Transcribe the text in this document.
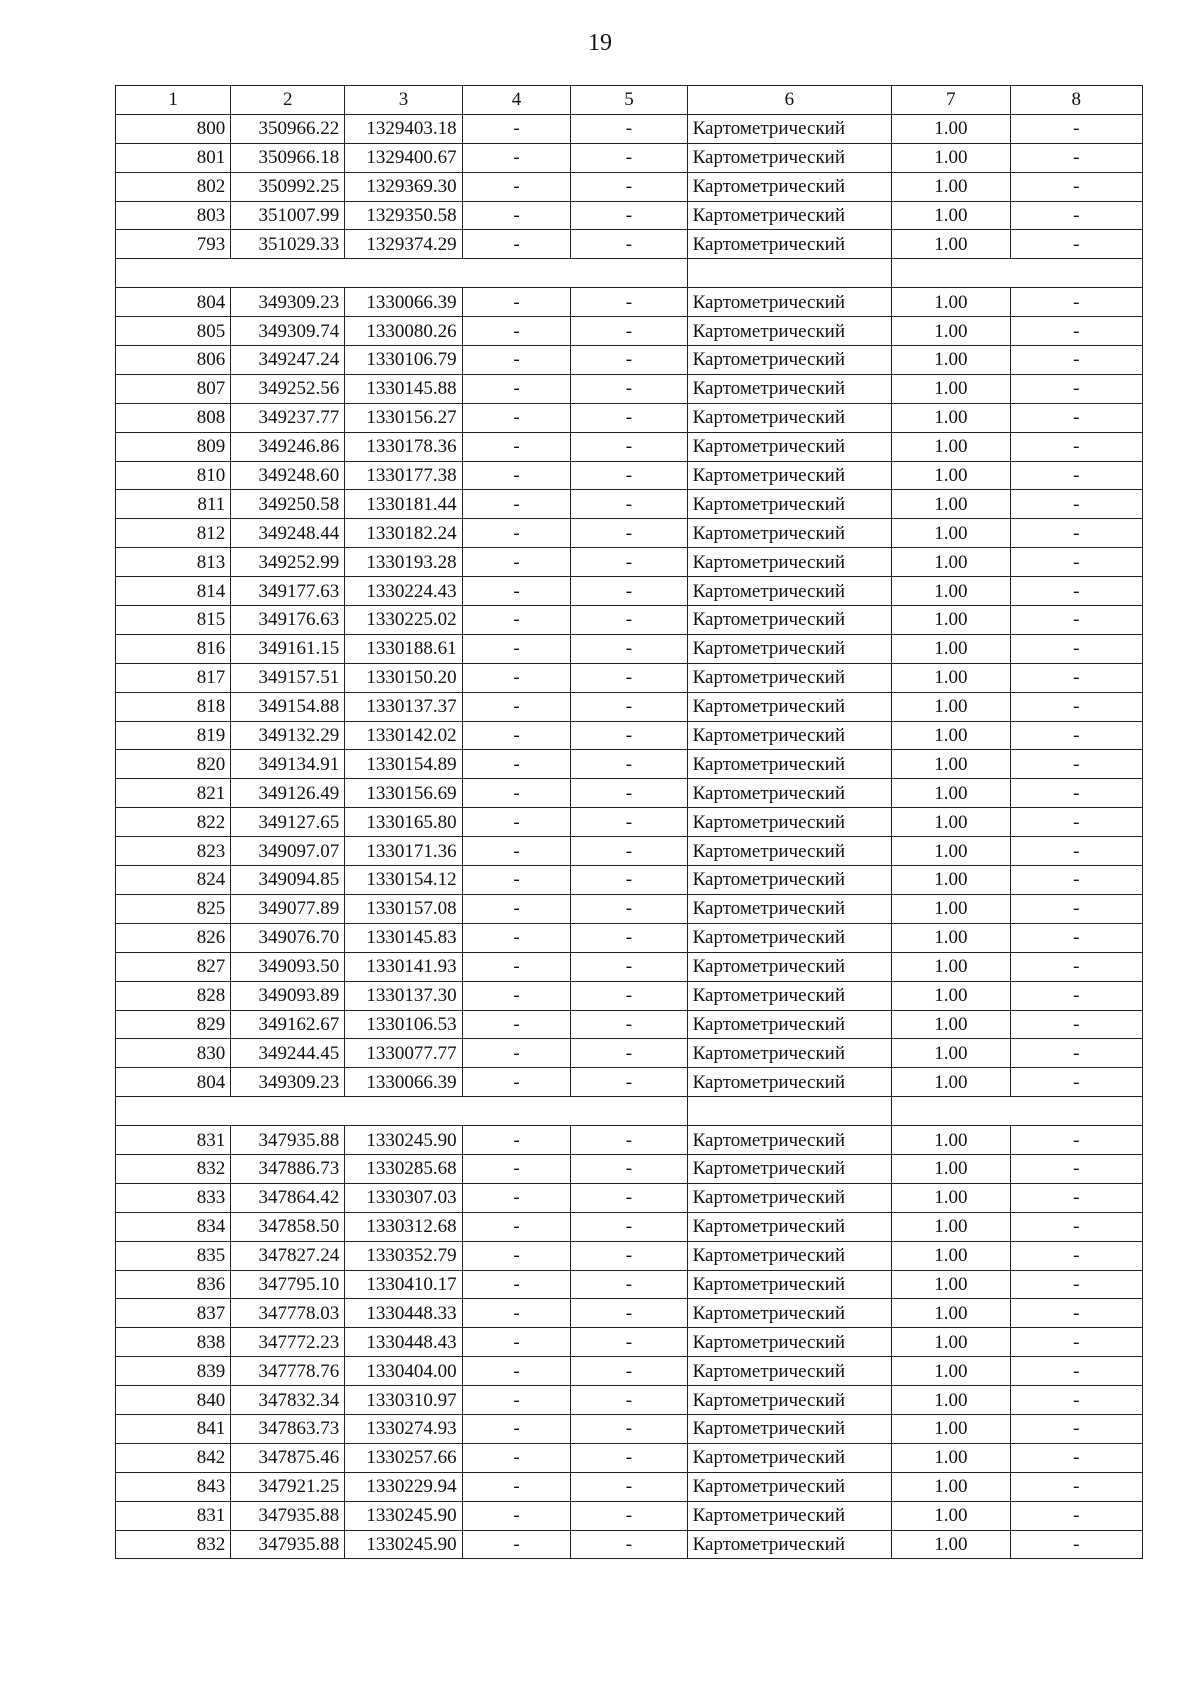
19
1	2	3	4	5	6	7	8
800	350966.22	1329403.18	-	-	Картометрический	1.00	-
801	350966.18	1329400.67	-	-	Картометрический	1.00	-
802	350992.25	1329369.30	-	-	Картометрический	1.00	-
803	351007.99	1329350.58	-	-	Картометрический	1.00	-
793	351029.33	1329374.29	-	-	Картометрический	1.00	-

804	349309.23	1330066.39	-	-	Картометрический	1.00	-
805	349309.74	1330080.26	-	-	Картометрический	1.00	-
806	349247.24	1330106.79	-	-	Картометрический	1.00	-
807	349252.56	1330145.88	-	-	Картометрический	1.00	-
808	349237.77	1330156.27	-	-	Картометрический	1.00	-
809	349246.86	1330178.36	-	-	Картометрический	1.00	-
810	349248.60	1330177.38	-	-	Картометрический	1.00	-
811	349250.58	1330181.44	-	-	Картометрический	1.00	-
812	349248.44	1330182.24	-	-	Картометрический	1.00	-
813	349252.99	1330193.28	-	-	Картометрический	1.00	-
814	349177.63	1330224.43	-	-	Картометрический	1.00	-
815	349176.63	1330225.02	-	-	Картометрический	1.00	-
816	349161.15	1330188.61	-	-	Картометрический	1.00	-
817	349157.51	1330150.20	-	-	Картометрический	1.00	-
818	349154.88	1330137.37	-	-	Картометрический	1.00	-
819	349132.29	1330142.02	-	-	Картометрический	1.00	-
820	349134.91	1330154.89	-	-	Картометрический	1.00	-
821	349126.49	1330156.69	-	-	Картометрический	1.00	-
822	349127.65	1330165.80	-	-	Картометрический	1.00	-
823	349097.07	1330171.36	-	-	Картометрический	1.00	-
824	349094.85	1330154.12	-	-	Картометрический	1.00	-
825	349077.89	1330157.08	-	-	Картометрический	1.00	-
826	349076.70	1330145.83	-	-	Картометрический	1.00	-
827	349093.50	1330141.93	-	-	Картометрический	1.00	-
828	349093.89	1330137.30	-	-	Картометрический	1.00	-
829	349162.67	1330106.53	-	-	Картометрический	1.00	-
830	349244.45	1330077.77	-	-	Картометрический	1.00	-
804	349309.23	1330066.39	-	-	Картометрический	1.00	-

831	347935.88	1330245.90	-	-	Картометрический	1.00	-
832	347886.73	1330285.68	-	-	Картометрический	1.00	-
833	347864.42	1330307.03	-	-	Картометрический	1.00	-
834	347858.50	1330312.68	-	-	Картометрический	1.00	-
835	347827.24	1330352.79	-	-	Картометрический	1.00	-
836	347795.10	1330410.17	-	-	Картометрический	1.00	-
837	347778.03	1330448.33	-	-	Картометрический	1.00	-
838	347772.23	1330448.43	-	-	Картометрический	1.00	-
839	347778.76	1330404.00	-	-	Картометрический	1.00	-
840	347832.34	1330310.97	-	-	Картометрический	1.00	-
841	347863.73	1330274.93	-	-	Картометрический	1.00	-
842	347875.46	1330257.66	-	-	Картометрический	1.00	-
843	347921.25	1330229.94	-	-	Картометрический	1.00	-
831	347935.88	1330245.90	-	-	Картометрический	1.00	-
832	347935.88	1330245.90	-	-	Картометрический	1.00	-
